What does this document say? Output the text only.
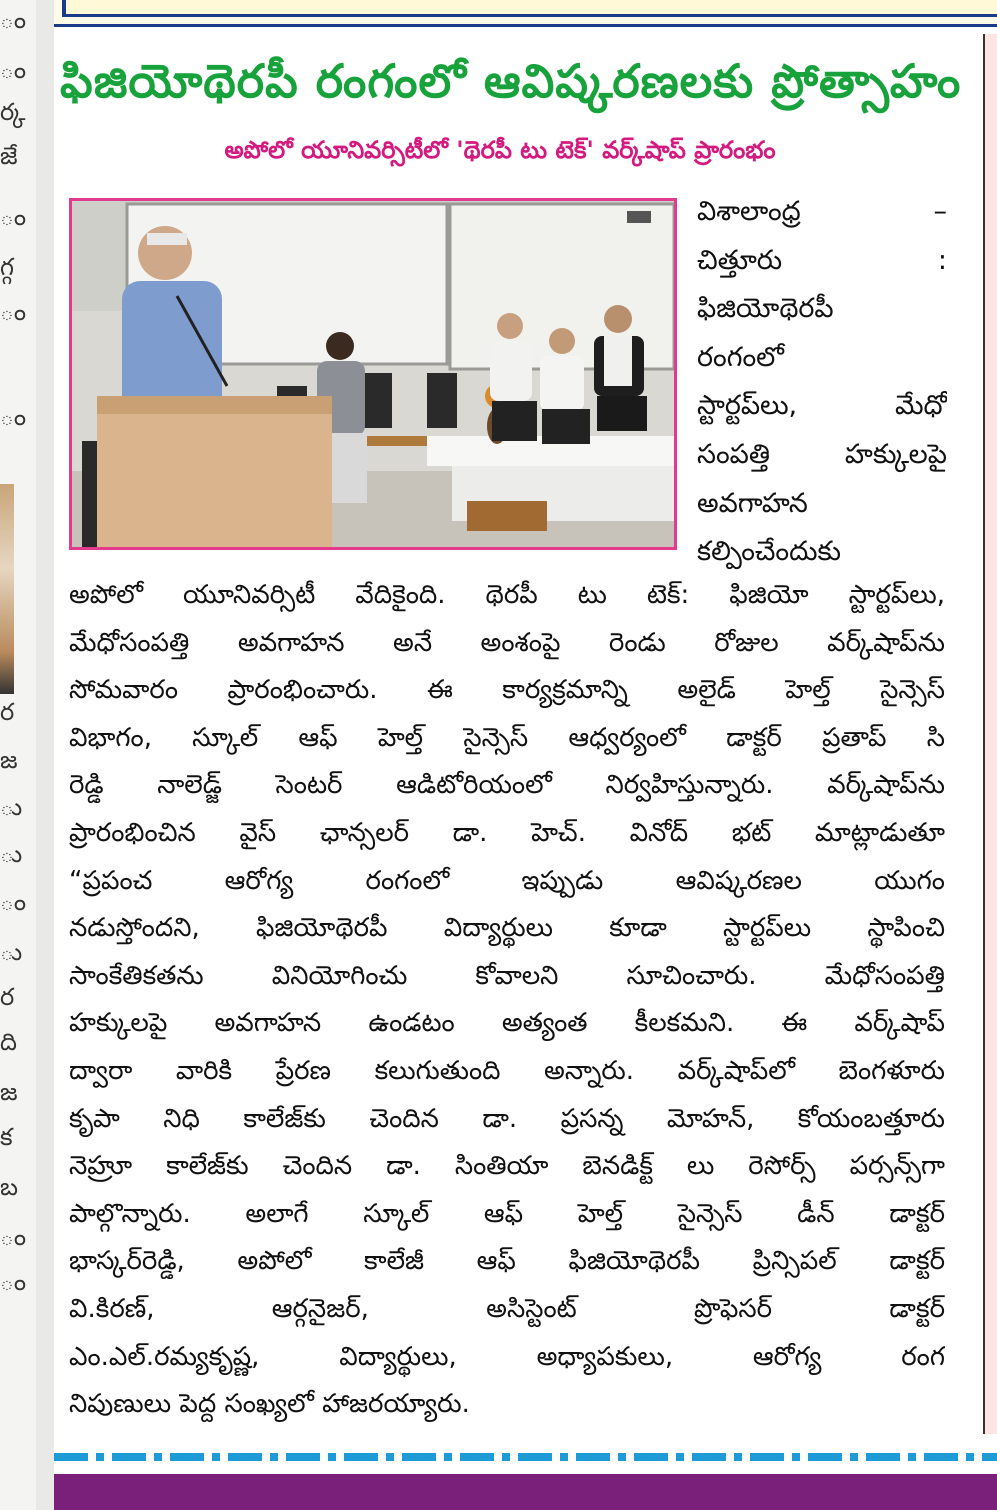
ం
ం
ర్క
జే
ం
గ్గ
ం
ం
ర
జ
ు
ు
ం
ు
ర
ది
జ
క
బ
ం
ం
ఫిజియోథెరపీ రంగంలో ఆవిష్కరణలకు ప్రోత్సాహం
అపోలో యూనివర్సిటీలో 'థెరపీ టు టెక్' వర్క్‌షాప్ ప్రారంభం
విశాలాంధ్ర	–
చిత్తూరు	:
ఫిజియోథెరపీ
రంగంలో
స్టార్టప్‌లు,	మేధో
సంపత్తి	హక్కులపై
అవగాహన
కల్పించేందుకు
అపోలో యూనివర్సిటీ వేదికైంది. థెరపీ టు టెక్: ఫిజియో స్టార్టప్‌లు,
మేధోసంపత్తి అవగాహన అనే అంశంపై రెండు రోజుల వర్క్‌షాప్‌ను
సోమవారం ప్రారంభించారు. ఈ కార్యక్రమాన్ని అలైడ్ హెల్త్ సైన్సెస్
విభాగం, స్కూల్ ఆఫ్ హెల్త్ సైన్సెస్ ఆధ్వర్యంలో డాక్టర్ ప్రతాప్ సి
రెడ్డి నాలెడ్జ్ సెంటర్ ఆడిటోరియంలో నిర్వహిస్తున్నారు. వర్క్‌షాప్‌ను
ప్రారంభించిన వైస్ ఛాన్సలర్ డా. హెచ్. వినోద్ భట్ మాట్లాడుతూ
“ప్రపంచ ఆరోగ్య రంగంలో ఇప్పుడు ఆవిష్కరణల యుగం
నడుస్తోందని, ఫిజియోథెరపీ విద్యార్థులు కూడా స్టార్టప్‌లు స్థాపించి
సాంకేతికతను వినియోగించు కోవాలని సూచించారు. మేధోసంపత్తి
హక్కులపై అవగాహన ఉండటం అత్యంత కీలకమని. ఈ వర్క్‌షాప్
ద్వారా వారికి ప్రేరణ కలుగుతుంది అన్నారు. వర్క్‌షాప్‌లో బెంగళూరు
కృపా నిధి కాలేజ్‌కు చెందిన డా. ప్రసన్న మోహన్, కోయంబత్తూరు
నెహ్రూ కాలేజ్‌కు చెందిన డా. సింతియా బెనడిక్ట్ లు రెసోర్స్ పర్సన్స్‌గా
పాల్గొన్నారు. అలాగే స్కూల్ ఆఫ్ హెల్త్ సైన్సెస్ డీన్ డాక్టర్
భాస్కర్‌రెడ్డి, అపోలో కాలేజీ ఆఫ్ ఫిజియోథెరపీ ప్రిన్సిపల్ డాక్టర్
వి.కిరణ్, ఆర్గనైజర్, అసిస్టెంట్ ప్రొఫెసర్ డాక్టర్
ఎం.ఎల్.రమ్యకృష్ణ, విద్యార్థులు, అధ్యాపకులు, ఆరోగ్య రంగ
నిపుణులు పెద్ద సంఖ్యలో హాజరయ్యారు.
